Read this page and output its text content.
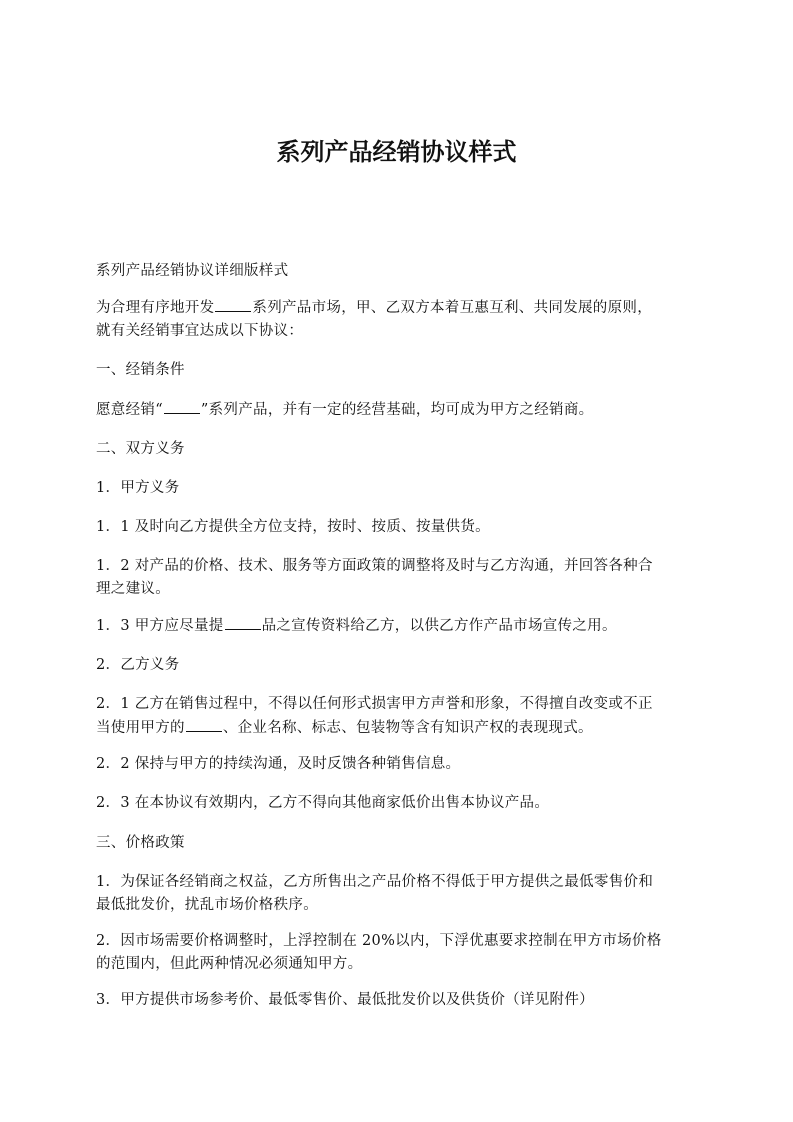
系列产品经销协议样式

系列产品经销协议详细版样式

为合理有序地开发	系列产品市场，甲、乙双方本着互惠互利、共同发展的原则，
就有关经销事宜达成以下协议：

一、经销条件

愿意经销“	”系列产品，并有一定的经营基础，均可成为甲方之经销商。

二、双方义务

1．甲方义务

1．1 及时向乙方提供全方位支持，按时、按质、按量供货。

1．2 对产品的价格、技术、服务等方面政策的调整将及时与乙方沟通，并回答各种合
理之建议。

1．3 甲方应尽量提	品之宣传资料给乙方，以供乙方作产品市场宣传之用。

2．乙方义务

2．1 乙方在销售过程中，不得以任何形式损害甲方声誉和形象，不得擅自改变或不正
当使用甲方的	、企业名称、标志、包装物等含有知识产权的表现现式。

2．2 保持与甲方的持续沟通，及时反馈各种销售信息。

2．3 在本协议有效期内，乙方不得向其他商家低价出售本协议产品。

三、价格政策

1．为保证各经销商之权益，乙方所售出之产品价格不得低于甲方提供之最低零售价和
最低批发价，扰乱市场价格秩序。

2．因市场需要价格调整时，上浮控制在 20%以内，下浮优惠要求控制在甲方市场价格
的范围内，但此两种情况必须通知甲方。

3．甲方提供市场参考价、最低零售价、最低批发价以及供货价（详见附件）
